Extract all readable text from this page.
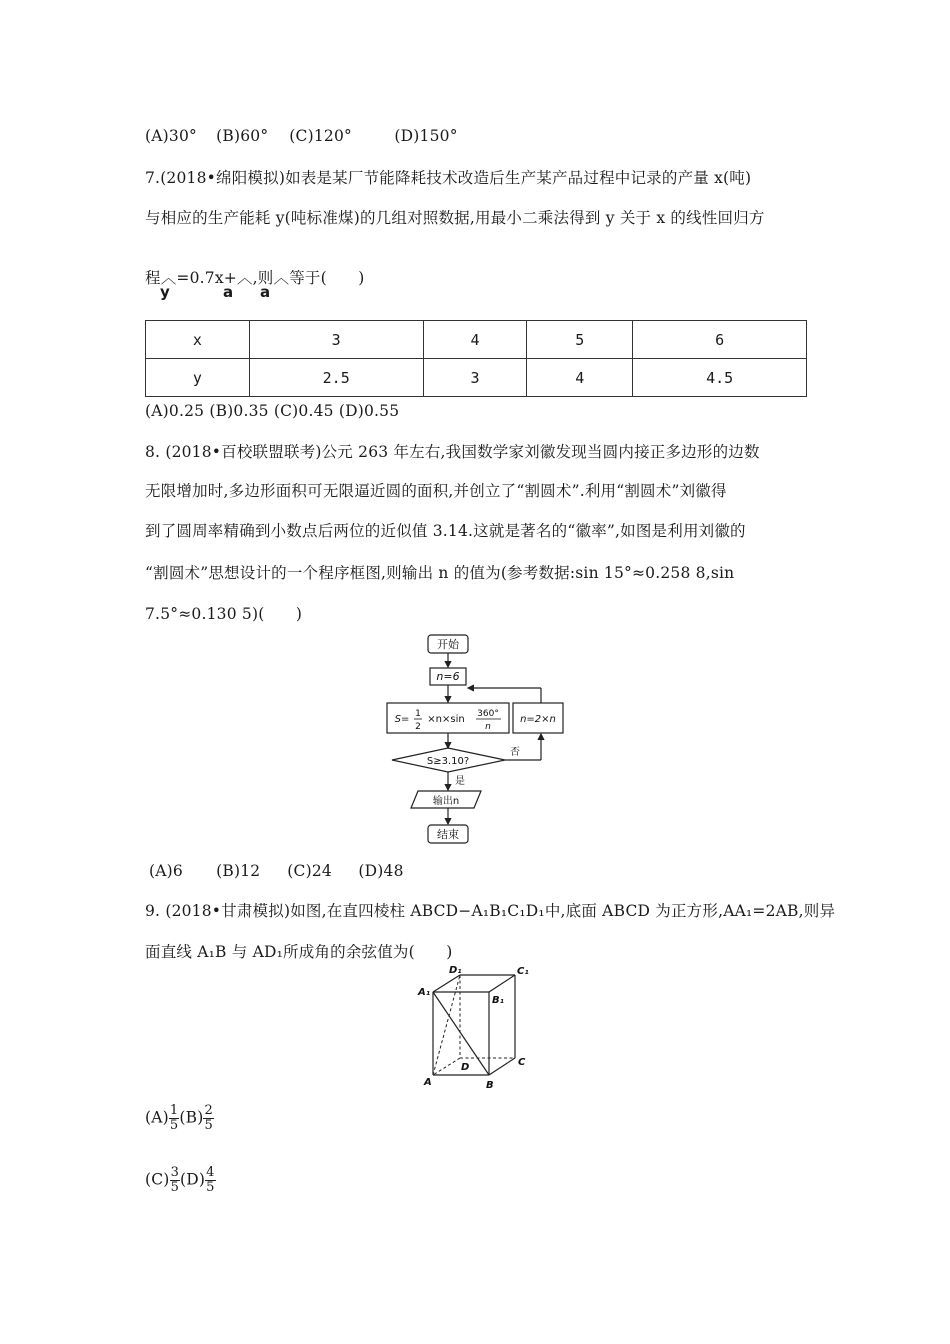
(A)30° (B)60° (C)120°	(D)150°
7.(2018•绵阳模拟)如表是某厂节能降耗技术改造后生产某产品过程中记录的产量 x(吨)
与相应的生产能耗 y(吨标准煤)的几组对照数据,用最小二乘法得到 y 关于 x 的线性回归方
程︿=0.7x+︿,则︿等于(　　)
y	a a
x	3	4	5	6
y	2.5	3	4	4.5
(A)0.25 (B)0.35 (C)0.45 (D)0.55
8. (2018•百校联盟联考)公元 263 年左右,我国数学家刘徽发现当圆内接正多边形的边数
无限增加时,多边形面积可无限逼近圆的面积,并创立了“割圆术”.利用“割圆术”刘徽得
到了圆周率精确到小数点后两位的近似值 3.14.这就是著名的“徽率”,如图是利用刘徽的
“割圆术”思想设计的一个程序框图,则输出 n 的值为(参考数据:sin 15°≈0.258 8,sin
7.5°≈0.130 5)(　　)
开始
n=6
S= 1
2
×n×sin 360°
n
n=2×n
S≥3.10?
否
是
输出n
结束
(A)6 (B)12 (C)24 (D)48
9. (2018•甘肃模拟)如图,在直四棱柱 ABCD−A₁B₁C₁D₁中,底面 ABCD 为正方形,AA₁=2AB,则异
面直线 A₁B 与 AD₁所成角的余弦值为(　　)
D₁	C₁
A₁
B₁
D	C
A	B
$(A) \frac{1}{5} (B) \frac{2}{5}$
$(C) \frac{3}{5} (D) \frac{4}{5}$
